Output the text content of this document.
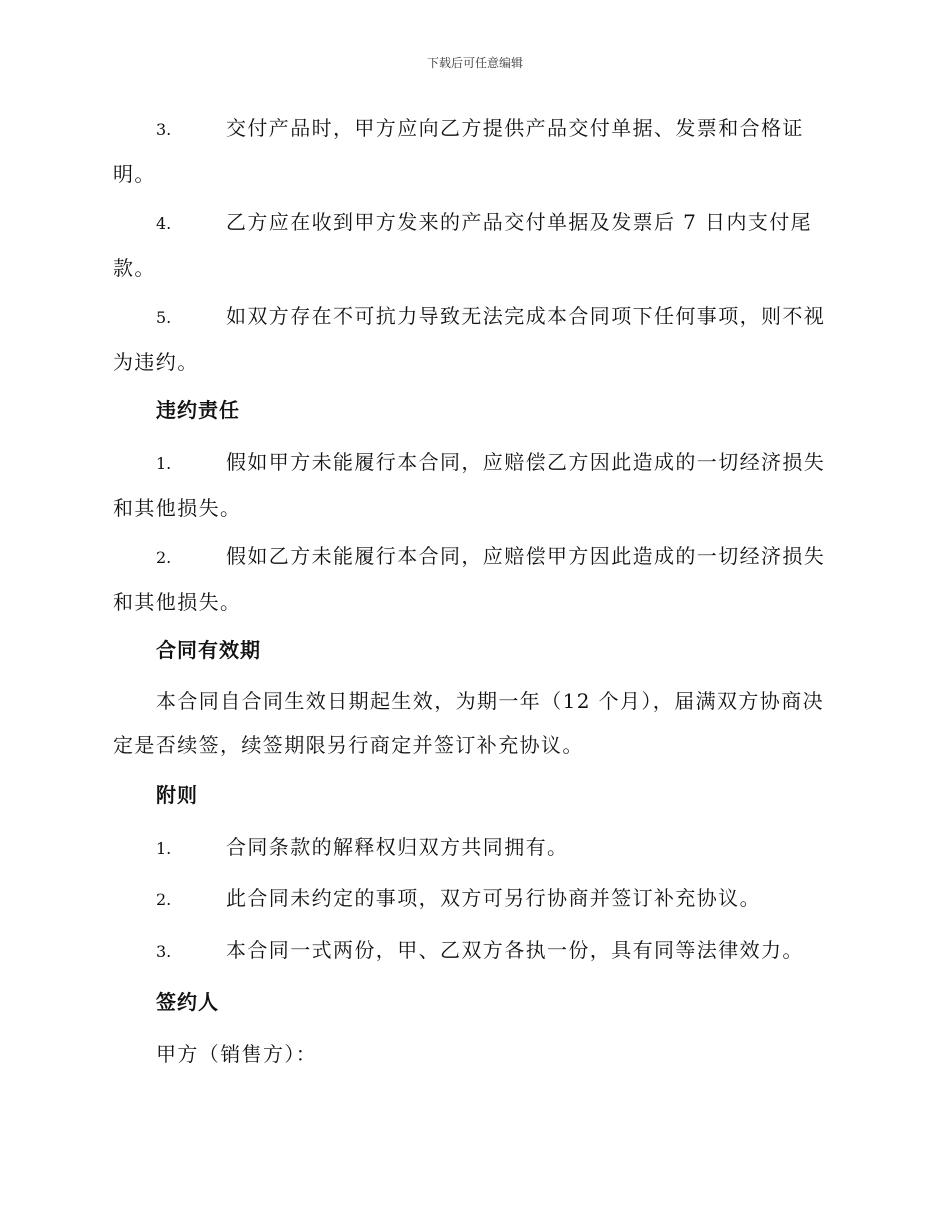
下载后可任意编辑
3.	交付产品时，甲方应向乙方提供产品交付单据、发票和合格证明。
4.	乙方应在收到甲方发来的产品交付单据及发票后 7 日内支付尾款。
5.	如双方存在不可抗力导致无法完成本合同项下任何事项，则不视为违约。
违约责任
1.	假如甲方未能履行本合同，应赔偿乙方因此造成的一切经济损失和其他损失。
2.	假如乙方未能履行本合同，应赔偿甲方因此造成的一切经济损失和其他损失。
合同有效期
本合同自合同生效日期起生效，为期一年（12 个月），届满双方协商决定是否续签，续签期限另行商定并签订补充协议。
附则
1.	合同条款的解释权归双方共同拥有。
2.	此合同未约定的事项，双方可另行协商并签订补充协议。
3.	本合同一式两份，甲、乙双方各执一份，具有同等法律效力。
签约人
甲方（销售方）：
